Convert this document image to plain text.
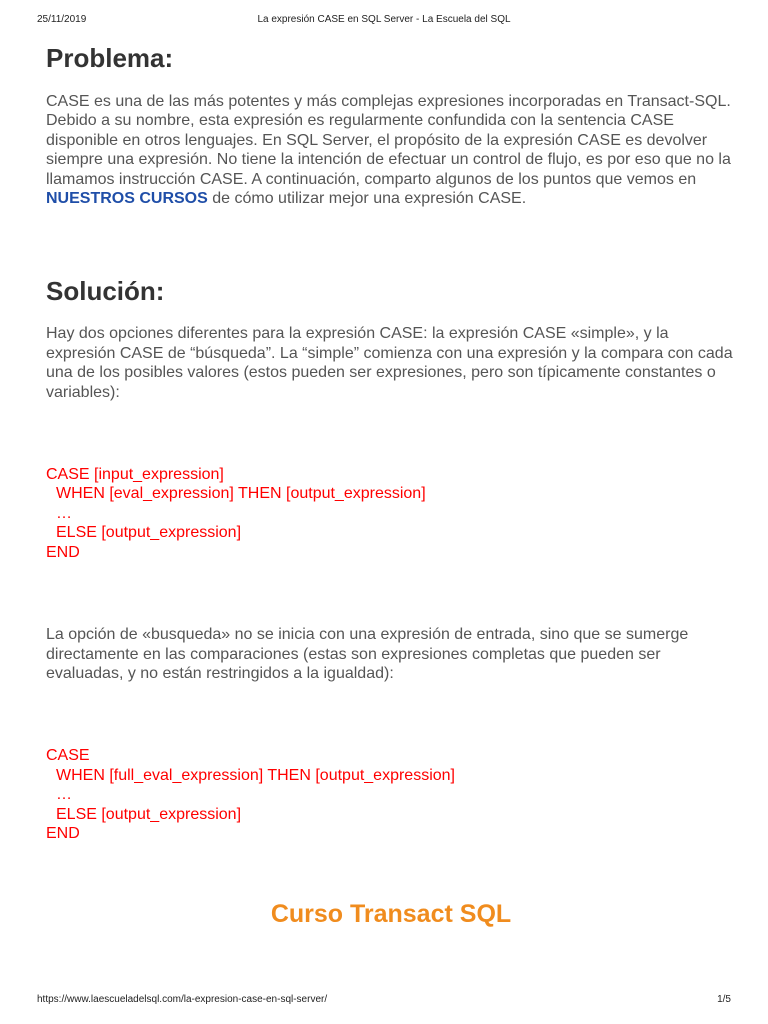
25/11/2019	La expresión CASE en SQL Server - La Escuela del SQL
Problema:

CASE es una de las más potentes y más complejas expresiones incorporadas en Transact-SQL. Debido a su nombre, esta expresión es regularmente confundida con la sentencia CASE disponible en otros lenguajes. En SQL Server, el propósito de la expresión CASE es devolver siempre una expresión. No tiene la intención de efectuar un control de flujo, es por eso que no la llamamos instrucción CASE. A continuación, comparto algunos de los puntos que vemos en NUESTROS CURSOS de cómo utilizar mejor una expresión CASE.

Solución:

Hay dos opciones diferentes para la expresión CASE: la expresión CASE «simple», y la expresión CASE de “búsqueda”. La “simple” comienza con una expresión y la compara con cada una de los posibles valores (estos pueden ser expresiones, pero son típicamente constantes o variables):

CASE [input_expression]
WHEN [eval_expression] THEN [output_expression]
…
ELSE [output_expression]
END

La opción de «busqueda» no se inicia con una expresión de entrada, sino que se sumerge directamente en las comparaciones (estas son expresiones completas que pueden ser evaluadas, y no están restringidos a la igualdad):

CASE
WHEN [full_eval_expression] THEN [output_expression]
…
ELSE [output_expression]
END
Curso Transact SQL
https://www.laescueladelsql.com/la-expresion-case-en-sql-server/	1/5
